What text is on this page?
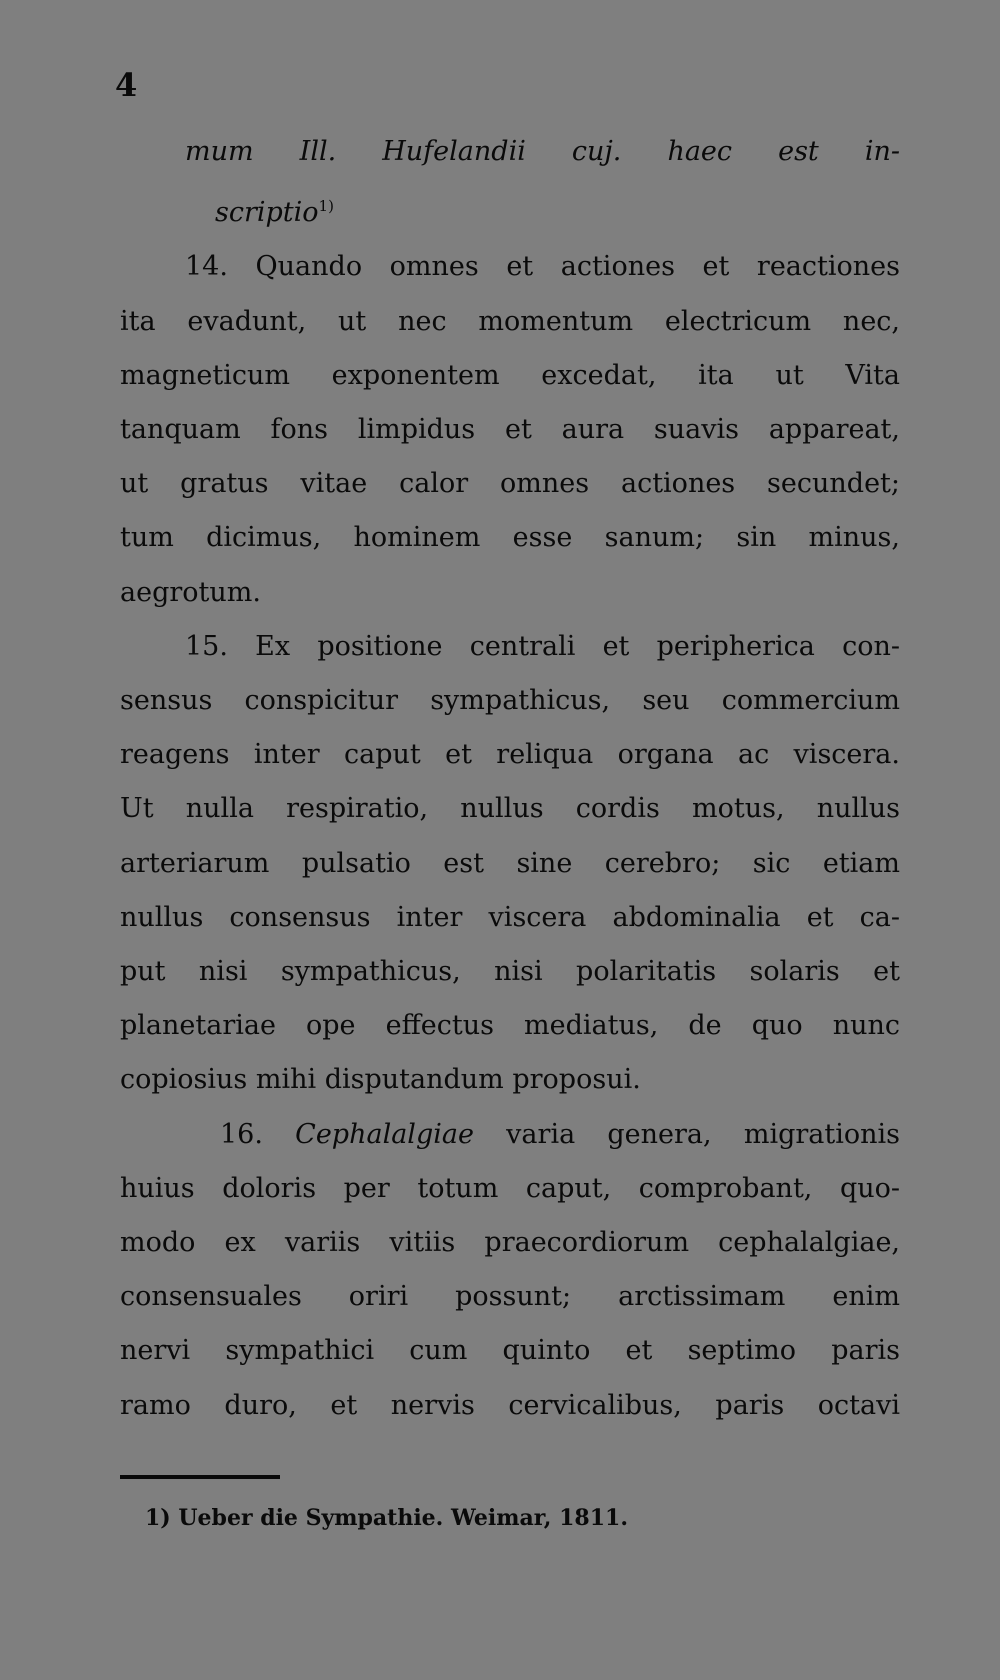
4
mum Ill. Hufelandii cuj. haec est in-
scriptio$^{1)}$
14. Quando omnes et actiones et reactiones
ita evadunt, ut nec momentum electricum nec,
magneticum exponentem excedat, ita ut Vita
tanquam fons limpidus et aura suavis appareat,
ut gratus vitae calor omnes actiones secundet;
tum dicimus, hominem esse sanum; sin minus,
aegrotum.
15. Ex positione centrali et peripherica con-
sensus conspicitur sympathicus, seu commercium
reagens inter caput et reliqua organa ac viscera.
Ut nulla respiratio, nullus cordis motus, nullus
arteriarum pulsatio est sine cerebro; sic etiam
nullus consensus inter viscera abdominalia et ca-
put nisi sympathicus, nisi polaritatis solaris et
planetariae ope effectus mediatus, de quo nunc
copiosius mihi disputandum proposui.
16. Cephalalgiae varia genera, migrationis
huius doloris per totum caput, comprobant, quo-
modo ex variis vitiis praecordiorum cephalalgiae,
consensuales oriri possunt; arctissimam enim
nervi sympathici cum quinto et septimo paris
ramo duro, et nervis cervicalibus, paris octavi
1) Ueber die Sympathie. Weimar, 1811.
